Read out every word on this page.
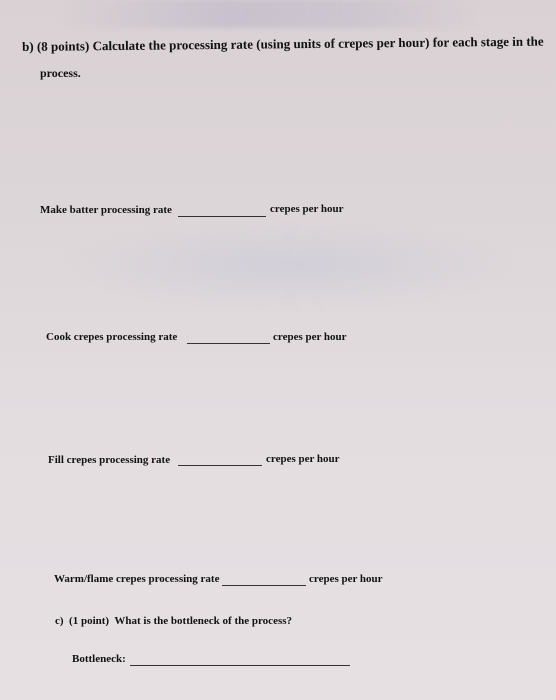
b) (8 points) Calculate the processing rate (using units of crepes per hour) for each stage in the
process.
Make batter processing rate	crepes per hour
Cook crepes processing rate	crepes per hour
Fill crepes processing rate	crepes per hour
Warm/flame crepes processing rate	crepes per hour
c) (1 point) What is the bottleneck of the process?
Bottleneck:
